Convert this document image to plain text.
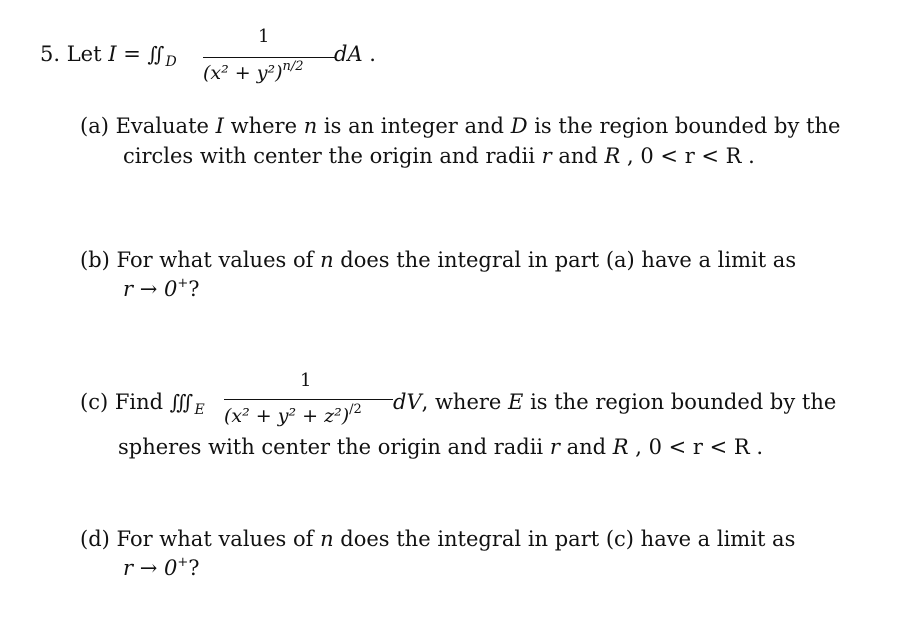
5. Let I = ∬ $_D$
1
$(x^2 + y^2)^{n/2}$
dA .
(a) Evaluate I where n is an integer and D is the region bounded by the
circles with center the origin and radii r and R , 0 < r < R .
(b) For what values of n does the integral in part (a) have a limit as
r → 0+?
(c) Find ∭ $_E$
1
$(x^2 + y^2 + z^2)^{/2}$ dV, where E is the region bounded by the
spheres with center the origin and radii r and R , 0 < r < R .
(d) For what values of n does the integral in part (c) have a limit as
r → 0+?
